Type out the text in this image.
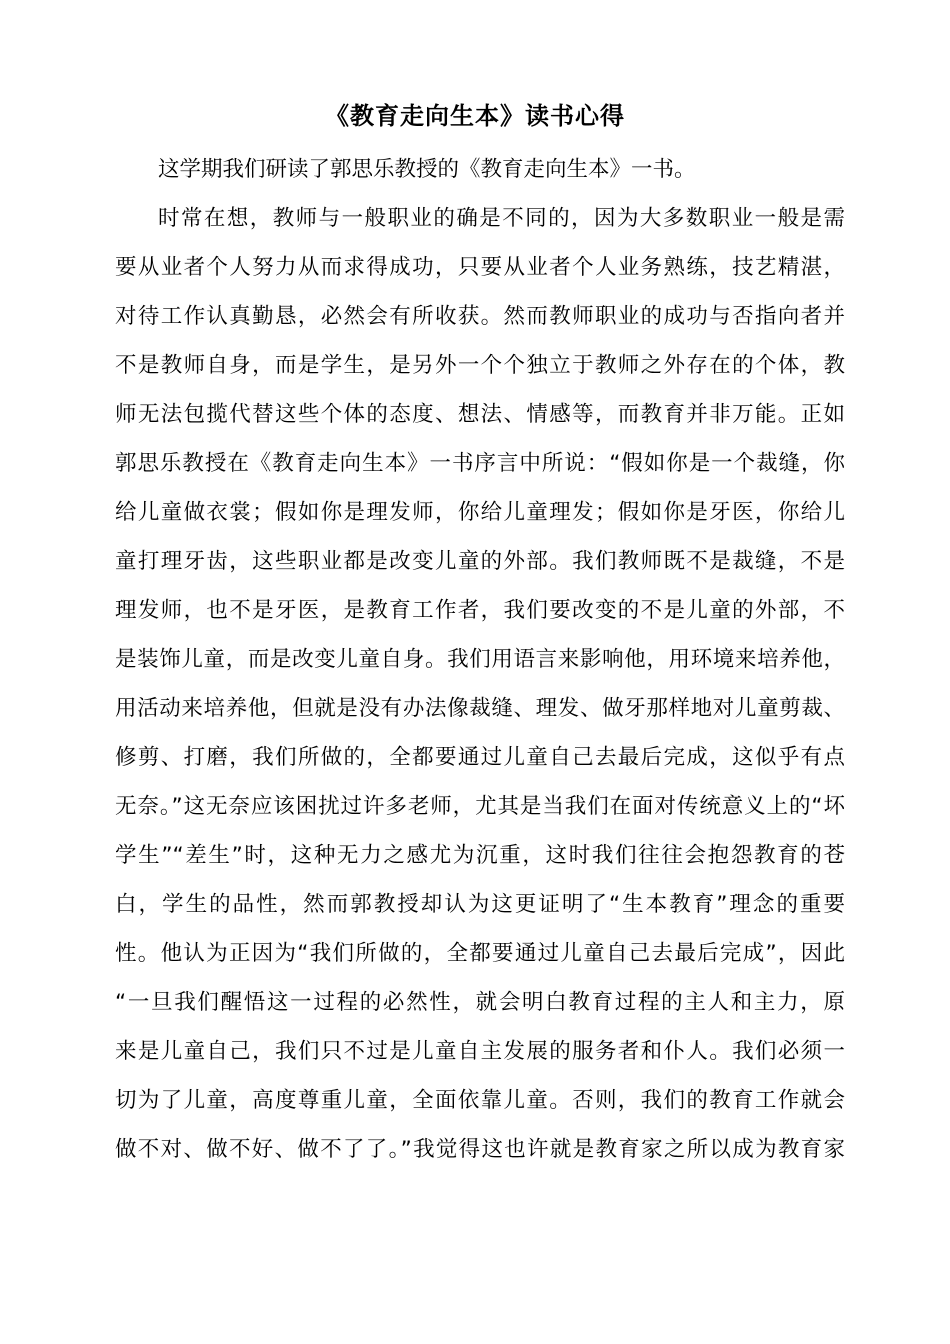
《教育走向生本》读书心得
这学期我们研读了郭思乐教授的《教育走向生本》一书。
时常在想，教师与一般职业的确是不同的，因为大多数职业一般是需
要从业者个人努力从而求得成功，只要从业者个人业务熟练，技艺精湛，
对待工作认真勤恳，必然会有所收获。然而教师职业的成功与否指向者并
不是教师自身，而是学生，是另外一个个独立于教师之外存在的个体，教
师无法包揽代替这些个体的态度、想法、情感等，而教育并非万能。正如
郭思乐教授在《教育走向生本》一书序言中所说：“假如你是一个裁缝，你
给儿童做衣裳；假如你是理发师，你给儿童理发；假如你是牙医，你给儿
童打理牙齿，这些职业都是改变儿童的外部。我们教师既不是裁缝，不是
理发师，也不是牙医，是教育工作者，我们要改变的不是儿童的外部，不
是装饰儿童，而是改变儿童自身。我们用语言来影响他，用环境来培养他，
用活动来培养他，但就是没有办法像裁缝、理发、做牙那样地对儿童剪裁、
修剪、打磨，我们所做的，全都要通过儿童自己去最后完成，这似乎有点
无奈。”这无奈应该困扰过许多老师，尤其是当我们在面对传统意义上的“坏
学生”“差生”时，这种无力之感尤为沉重，这时我们往往会抱怨教育的苍
白，学生的品性，然而郭教授却认为这更证明了“生本教育”理念的重要
性。他认为正因为“我们所做的，全都要通过儿童自己去最后完成”，因此
“一旦我们醒悟这一过程的必然性，就会明白教育过程的主人和主力，原
来是儿童自己，我们只不过是儿童自主发展的服务者和仆人。我们必须一
切为了儿童，高度尊重儿童，全面依靠儿童。否则，我们的教育工作就会
做不对、做不好、做不了了。”我觉得这也许就是教育家之所以成为教育家
